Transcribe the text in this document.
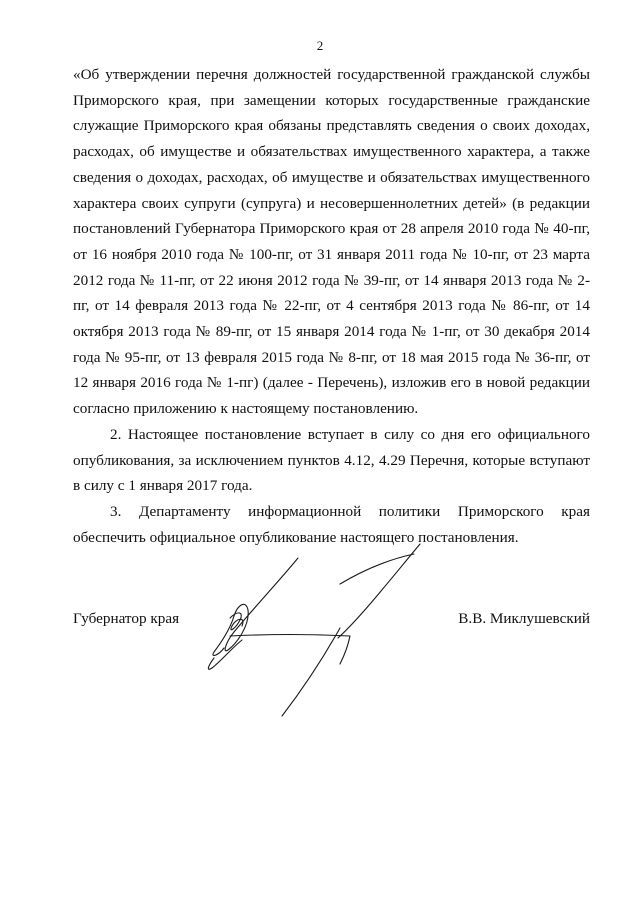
2

«Об утверждении перечня должностей государственной гражданской службы Приморского края, при замещении которых государственные гражданские служащие Приморского края обязаны представлять сведения о своих доходах, расходах, об имуществе и обязательствах имущественного характера, а также сведения о доходах, расходах, об имуществе и обязательствах имущественного характера своих супруги (супруга) и несовершеннолетних детей» (в редакции постановлений Губернатора Приморского края от 28 апреля 2010 года № 40-пг, от 16 ноября 2010 года № 100-пг, от 31 января 2011 года № 10-пг, от 23 марта 2012 года № 11-пг, от 22 июня 2012 года № 39-пг, от 14 января 2013 года № 2-пг, от 14 февраля 2013 года № 22-пг, от 4 сентября 2013 года № 86-пг, от 14 октября 2013 года № 89-пг, от 15 января 2014 года № 1-пг, от 30 декабря 2014 года № 95-пг, от 13 февраля 2015 года № 8-пг, от 18 мая 2015 года № 36-пг, от 12 января 2016 года № 1-пг) (далее - Перечень), изложив его в новой редакции согласно приложению к настоящему постановлению.

2. Настоящее постановление вступает в силу со дня его официального опубликования, за исключением пунктов 4.12, 4.29 Перечня, которые вступают в силу с 1 января 2017 года.

3. Департаменту информационной политики Приморского края обеспечить официальное опубликование настоящего постановления.

Губернатор края	В.В. Миклушевский
